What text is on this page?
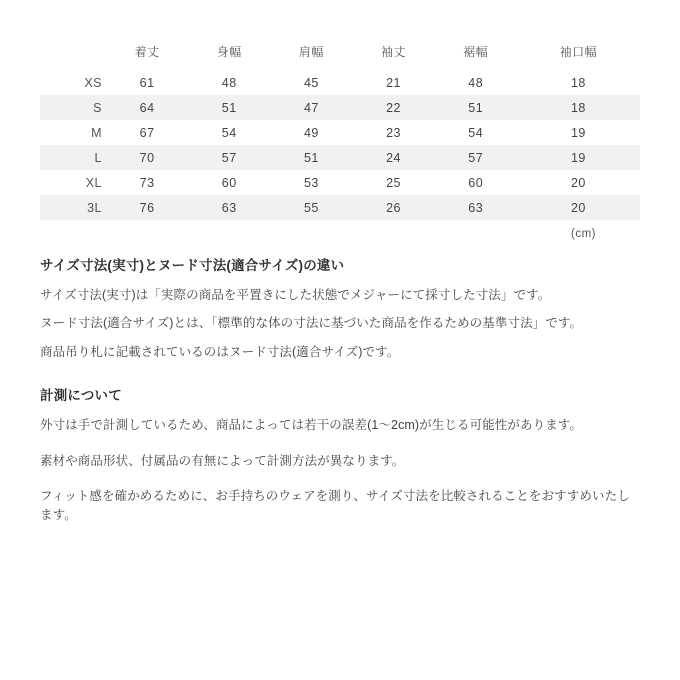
	着丈	身幅	肩幅	袖丈	裾幅	袖口幅
XS	61	48	45	21	48	18
S	64	51	47	22	51	18
M	67	54	49	23	54	19
L	70	57	51	24	57	19
XL	73	60	53	25	60	20
3L	76	63	55	26	63	20
(cm)
サイズ寸法(実寸)とヌード寸法(適合サイズ)の違い
サイズ寸法(実寸)は「実際の商品を平置きにした状態でメジャーにて採寸した寸法」です。
ヌード寸法(適合サイズ)とは、「標準的な体の寸法に基づいた商品を作るための基準寸法」です。
商品吊り札に記載されているのはヌード寸法(適合サイズ)です。
計測について
外寸は手で計測しているため、商品によっては若干の誤差(1〜2cm)が生じる可能性があります。
素材や商品形状、付属品の有無によって計測方法が異なります。
フィット感を確かめるために、お手持ちのウェアを測り、サイズ寸法を比較されることをおすすめいたします。
